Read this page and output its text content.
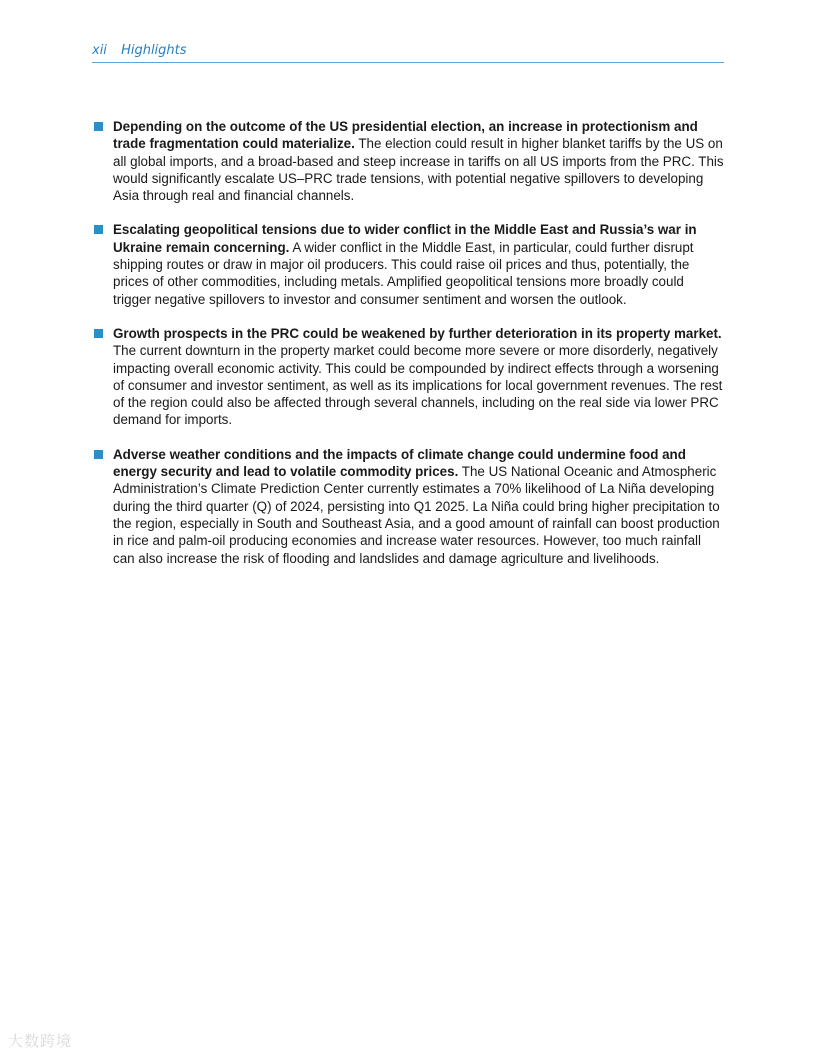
xii Highlights
Depending on the outcome of the US presidential election, an increase in protectionism and trade fragmentation could materialize. The election could result in higher blanket tariffs by the US on all global imports, and a broad-based and steep increase in tariffs on all US imports from the PRC. This would significantly escalate US–PRC trade tensions, with potential negative spillovers to developing Asia through real and financial channels.
Escalating geopolitical tensions due to wider conflict in the Middle East and Russia’s war in Ukraine remain concerning. A wider conflict in the Middle East, in particular, could further disrupt shipping routes or draw in major oil producers. This could raise oil prices and thus, potentially, the prices of other commodities, including metals. Amplified geopolitical tensions more broadly could trigger negative spillovers to investor and consumer sentiment and worsen the outlook.
Growth prospects in the PRC could be weakened by further deterioration in its property market. The current downturn in the property market could become more severe or more disorderly, negatively impacting overall economic activity. This could be compounded by indirect effects through a worsening of consumer and investor sentiment, as well as its implications for local government revenues. The rest of the region could also be affected through several channels, including on the real side via lower PRC demand for imports.
Adverse weather conditions and the impacts of climate change could undermine food and energy security and lead to volatile commodity prices. The US National Oceanic and Atmospheric Administration’s Climate Prediction Center currently estimates a 70% likelihood of La Niña developing during the third quarter (Q) of 2024, persisting into Q1 2025. La Niña could bring higher precipitation to the region, especially in South and Southeast Asia, and a good amount of rainfall can boost production in rice and palm-oil producing economies and increase water resources. However, too much rainfall can also increase the risk of flooding and landslides and damage agriculture and livelihoods.
大数跨境
